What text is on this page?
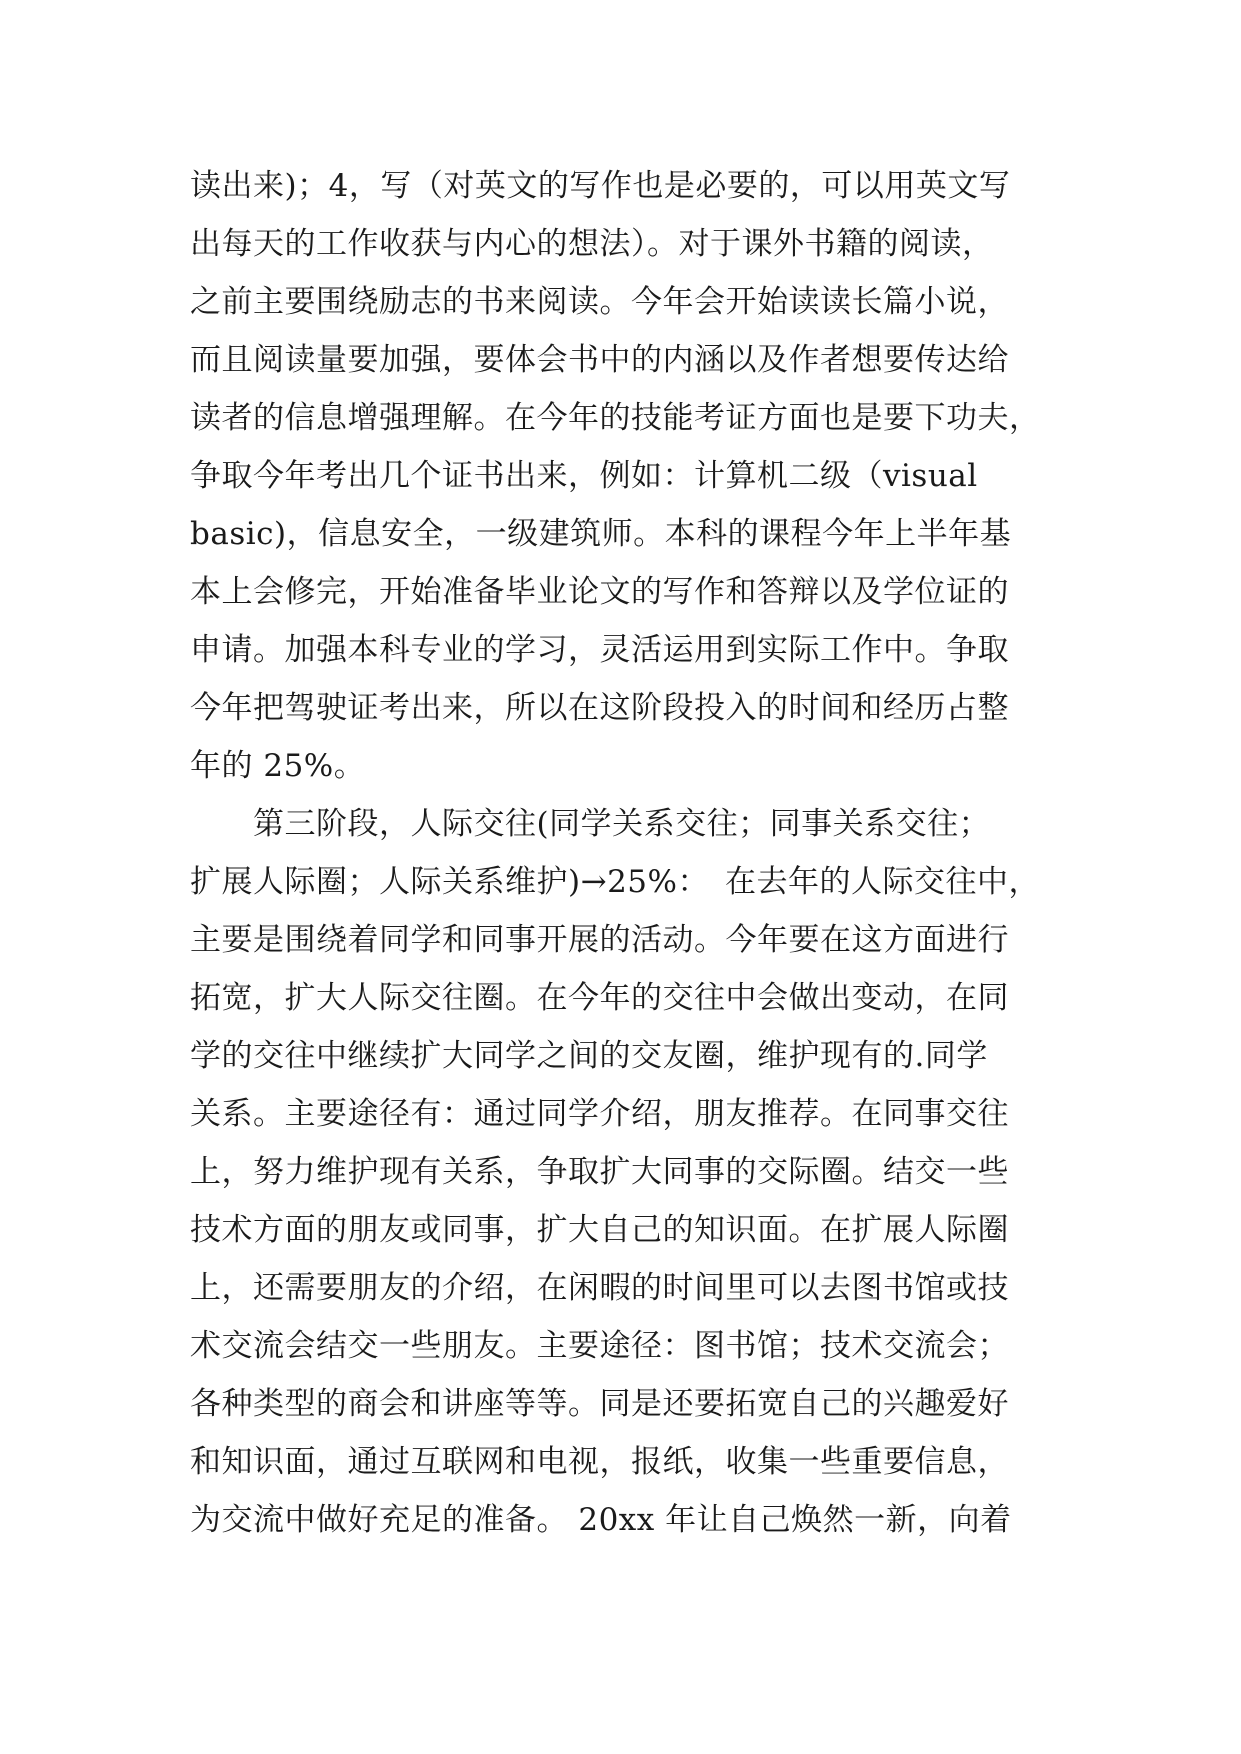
读出来)；4，写（对英文的写作也是必要的，可以用英文写
出每天的工作收获与内心的想法）。对于课外书籍的阅读，
之前主要围绕励志的书来阅读。今年会开始读读长篇小说，
而且阅读量要加强，要体会书中的内涵以及作者想要传达给
读者的信息增强理解。在今年的技能考证方面也是要下功夫，
争取今年考出几个证书出来，例如：计算机二级（visual
basic)，信息安全，一级建筑师。本科的课程今年上半年基
本上会修完，开始准备毕业论文的写作和答辩以及学位证的
申请。加强本科专业的学习，灵活运用到实际工作中。争取
今年把驾驶证考出来，所以在这阶段投入的时间和经历占整
年的 25%。
　　第三阶段，人际交往(同学关系交往；同事关系交往；
扩展人际圈；人际关系维护)→25%：　在去年的人际交往中，
主要是围绕着同学和同事开展的活动。今年要在这方面进行
拓宽，扩大人际交往圈。在今年的交往中会做出变动，在同
学的交往中继续扩大同学之间的交友圈，维护现有的.同学
关系。主要途径有：通过同学介绍，朋友推荐。在同事交往
上，努力维护现有关系，争取扩大同事的交际圈。结交一些
技术方面的朋友或同事，扩大自己的知识面。在扩展人际圈
上，还需要朋友的介绍，在闲暇的时间里可以去图书馆或技
术交流会结交一些朋友。主要途径：图书馆；技术交流会；
各种类型的商会和讲座等等。同是还要拓宽自己的兴趣爱好
和知识面，通过互联网和电视，报纸，收集一些重要信息，
为交流中做好充足的准备。 20xx 年让自己焕然一新，向着
